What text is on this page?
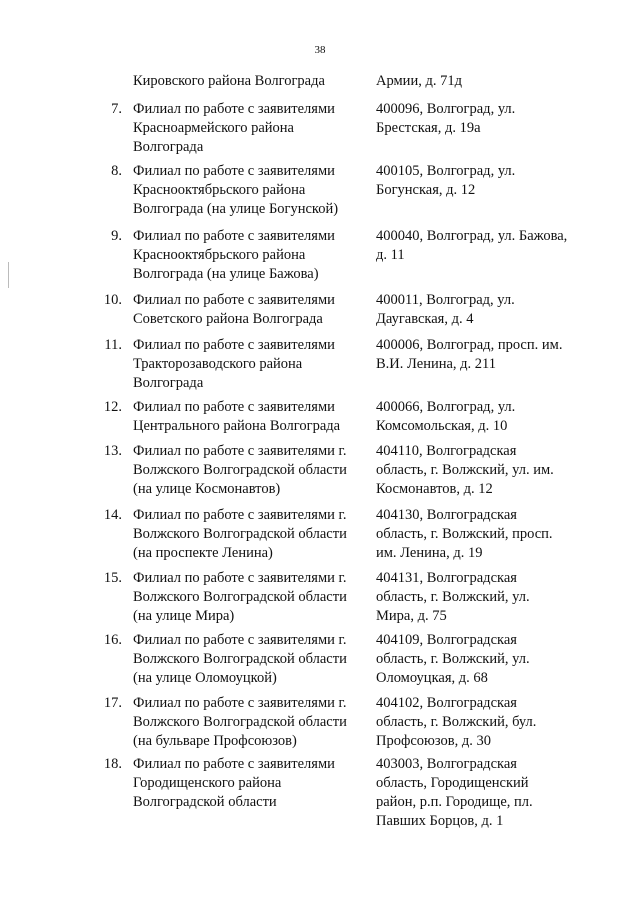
38
Кировского района Волгограда	Армии, д. 71д
7. Филиал по работе с заявителями
Красноармейского района
Волгограда
400096, Волгоград, ул.
Брестская, д. 19а
8. Филиал по работе с заявителями
Краснооктябрьского района
Волгограда (на улице Богунской)
400105, Волгоград, ул.
Богунская, д. 12
9. Филиал по работе с заявителями
Краснооктябрьского района
Волгограда (на улице Бажова)
400040, Волгоград, ул. Бажова,
д. 11
10. Филиал по работе с заявителями
Советского района Волгограда
400011, Волгоград, ул.
Даугавская, д. 4
11. Филиал по работе с заявителями
Тракторозаводского района
Волгограда
400006, Волгоград, просп. им.
В.И. Ленина, д. 211
12. Филиал по работе с заявителями
Центрального района Волгограда
400066, Волгоград, ул.
Комсомольская, д. 10
13. Филиал по работе с заявителями г.
Волжского Волгоградской области
(на улице Космонавтов)
404110, Волгоградская
область, г. Волжский, ул. им.
Космонавтов, д. 12
14. Филиал по работе с заявителями г.
Волжского Волгоградской области
(на проспекте Ленина)
404130, Волгоградская
область, г. Волжский, просп.
им. Ленина, д. 19
15. Филиал по работе с заявителями г.
Волжского Волгоградской области
(на улице Мира)
404131, Волгоградская
область, г. Волжский, ул.
Мира, д. 75
16. Филиал по работе с заявителями г.
Волжского Волгоградской области
(на улице Оломоуцкой)
404109, Волгоградская
область, г. Волжский, ул.
Оломоуцкая, д. 68
17. Филиал по работе с заявителями г.
Волжского Волгоградской области
(на бульваре Профсоюзов)
404102, Волгоградская
область, г. Волжский, бул.
Профсоюзов, д. 30
18. Филиал по работе с заявителями
Городищенского района
Волгоградской области
403003, Волгоградская
область, Городищенский
район, р.п. Городище, пл.
Павших Борцов, д. 1
